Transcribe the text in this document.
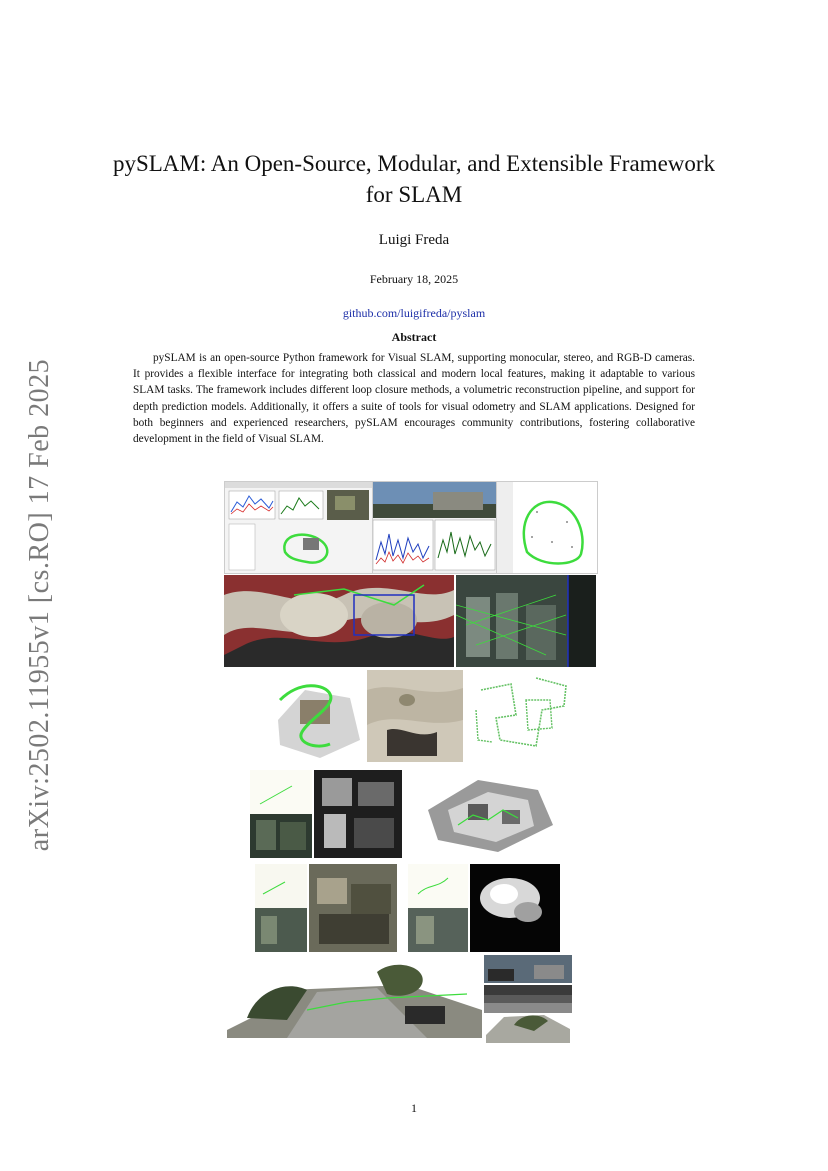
arXiv:2502.11955v1 [cs.RO] 17 Feb 2025
pySLAM: An Open-Source, Modular, and Extensible Framework for SLAM
Luigi Freda
February 18, 2025
github.com/luigifreda/pyslam
Abstract

pySLAM is an open-source Python framework for Visual SLAM, supporting monocular, stereo, and RGB-D cameras. It provides a flexible interface for integrating both classical and modern local features, making it adaptable to various SLAM tasks. The framework includes different loop closure methods, a volumetric reconstruction pipeline, and support for depth prediction models. Additionally, it offers a suite of tools for visual odometry and SLAM applications. Designed for both beginners and experienced researchers, pySLAM encourages community contributions, fostering collaborative development in the field of Visual SLAM.

1
